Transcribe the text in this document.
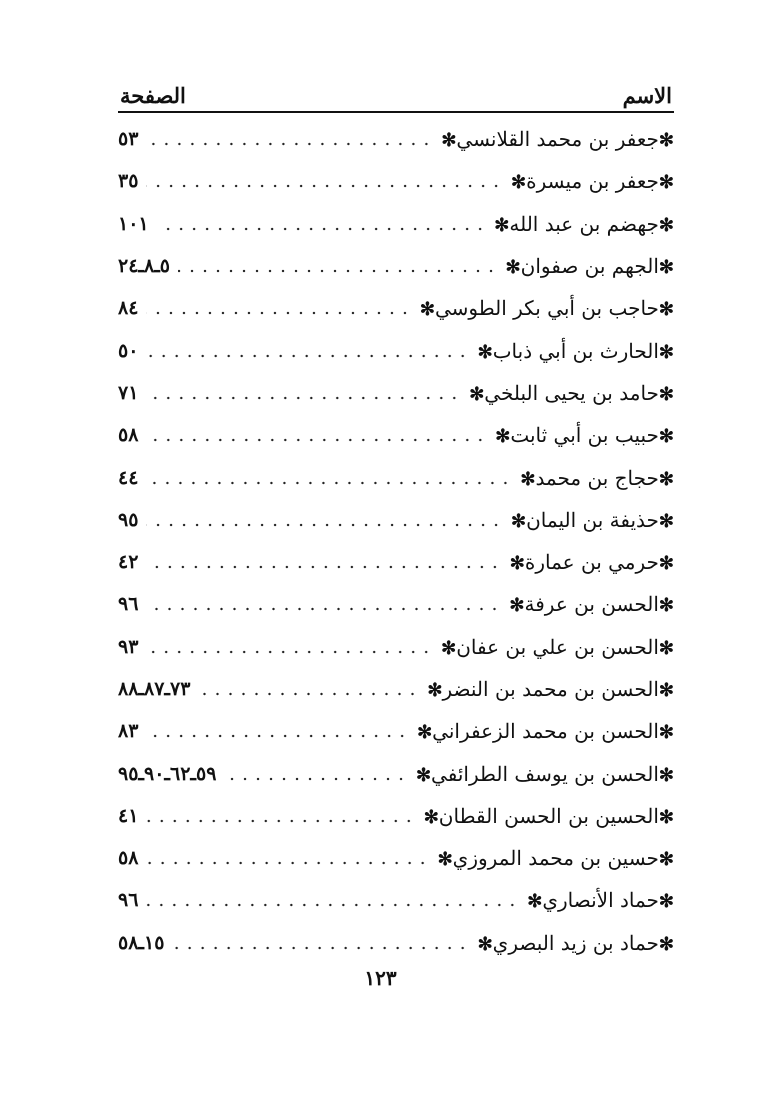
الاسم
الصفحة
✻جعفر بن محمد القلانسي✻
٥٣
✻جعفر بن ميسرة✻
٣٥
✻جهضم بن عبد الله✻
١٠١
✻الجهم بن صفوان✻
٥ـ٨ـ٢٤
✻حاجب بن أبي بكر الطوسي✻
٨٤
✻الحارث بن أبي ذباب✻
٥٠
✻حامد بن يحيى البلخي✻
٧١
✻حبيب بن أبي ثابت✻
٥٨
✻حجاج بن محمد✻
٤٤
✻حذيفة بن اليمان✻
٩٥
✻حرمي بن عمارة✻
٤٢
✻الحسن بن عرفة✻
٩٦
✻الحسن بن علي بن عفان✻
٩٣
✻الحسن بن محمد بن النضر✻
٧٣ـ٨٧ـ٨٨
✻الحسن بن محمد الزعفراني✻
٨٣
✻الحسن بن يوسف الطرائفي✻
٥٩ـ٦٢ـ٩٠ـ٩٥
✻الحسين بن الحسن القطان✻
٤١
✻حسين بن محمد المروزي✻
٥٨
✻حماد الأنصاري✻
٩٦
✻حماد بن زيد البصري✻
١٥ـ٥٨
١٢٣
